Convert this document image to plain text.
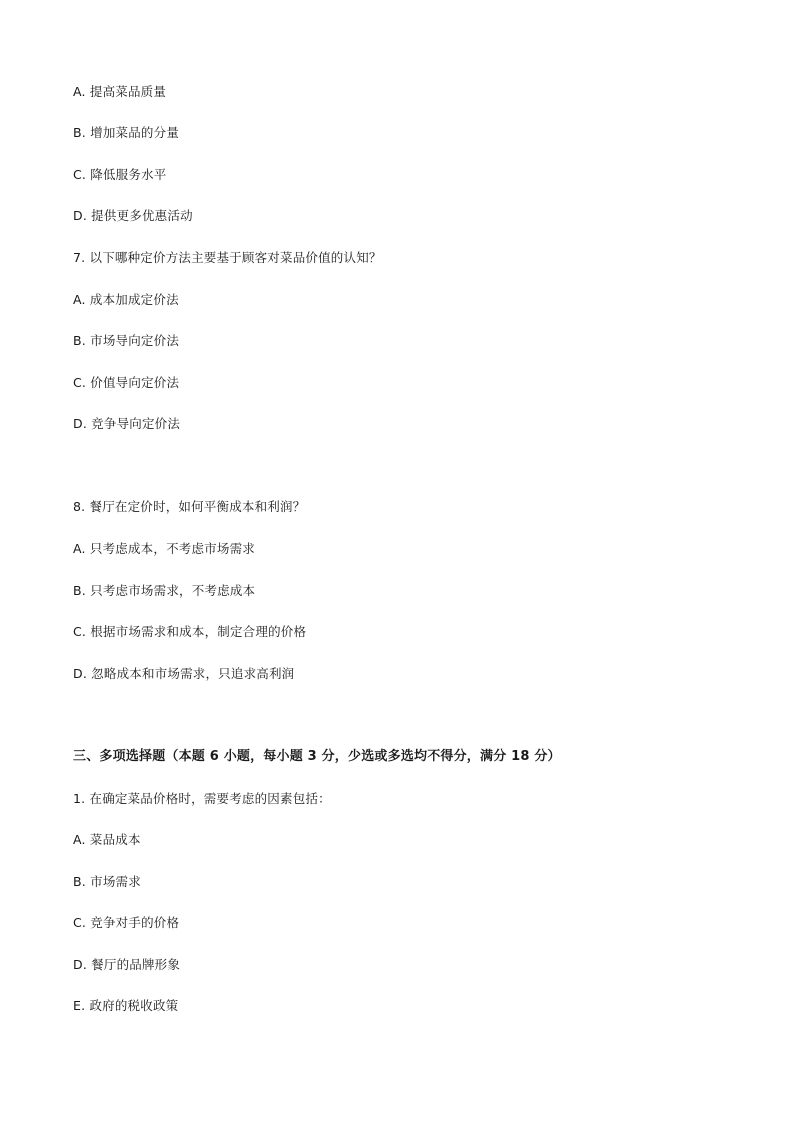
A. 提高菜品质量
B. 增加菜品的分量
C. 降低服务水平
D. 提供更多优惠活动
7. 以下哪种定价方法主要基于顾客对菜品价值的认知？
A. 成本加成定价法
B. 市场导向定价法
C. 价值导向定价法
D. 竞争导向定价法
8. 餐厅在定价时，如何平衡成本和利润？
A. 只考虑成本，不考虑市场需求
B. 只考虑市场需求，不考虑成本
C. 根据市场需求和成本，制定合理的价格
D. 忽略成本和市场需求，只追求高利润
三、多项选择题（本题 6 小题，每小题 3 分，少选或多选均不得分，满分 18 分）
1. 在确定菜品价格时，需要考虑的因素包括：
A. 菜品成本
B. 市场需求
C. 竞争对手的价格
D. 餐厅的品牌形象
E. 政府的税收政策
